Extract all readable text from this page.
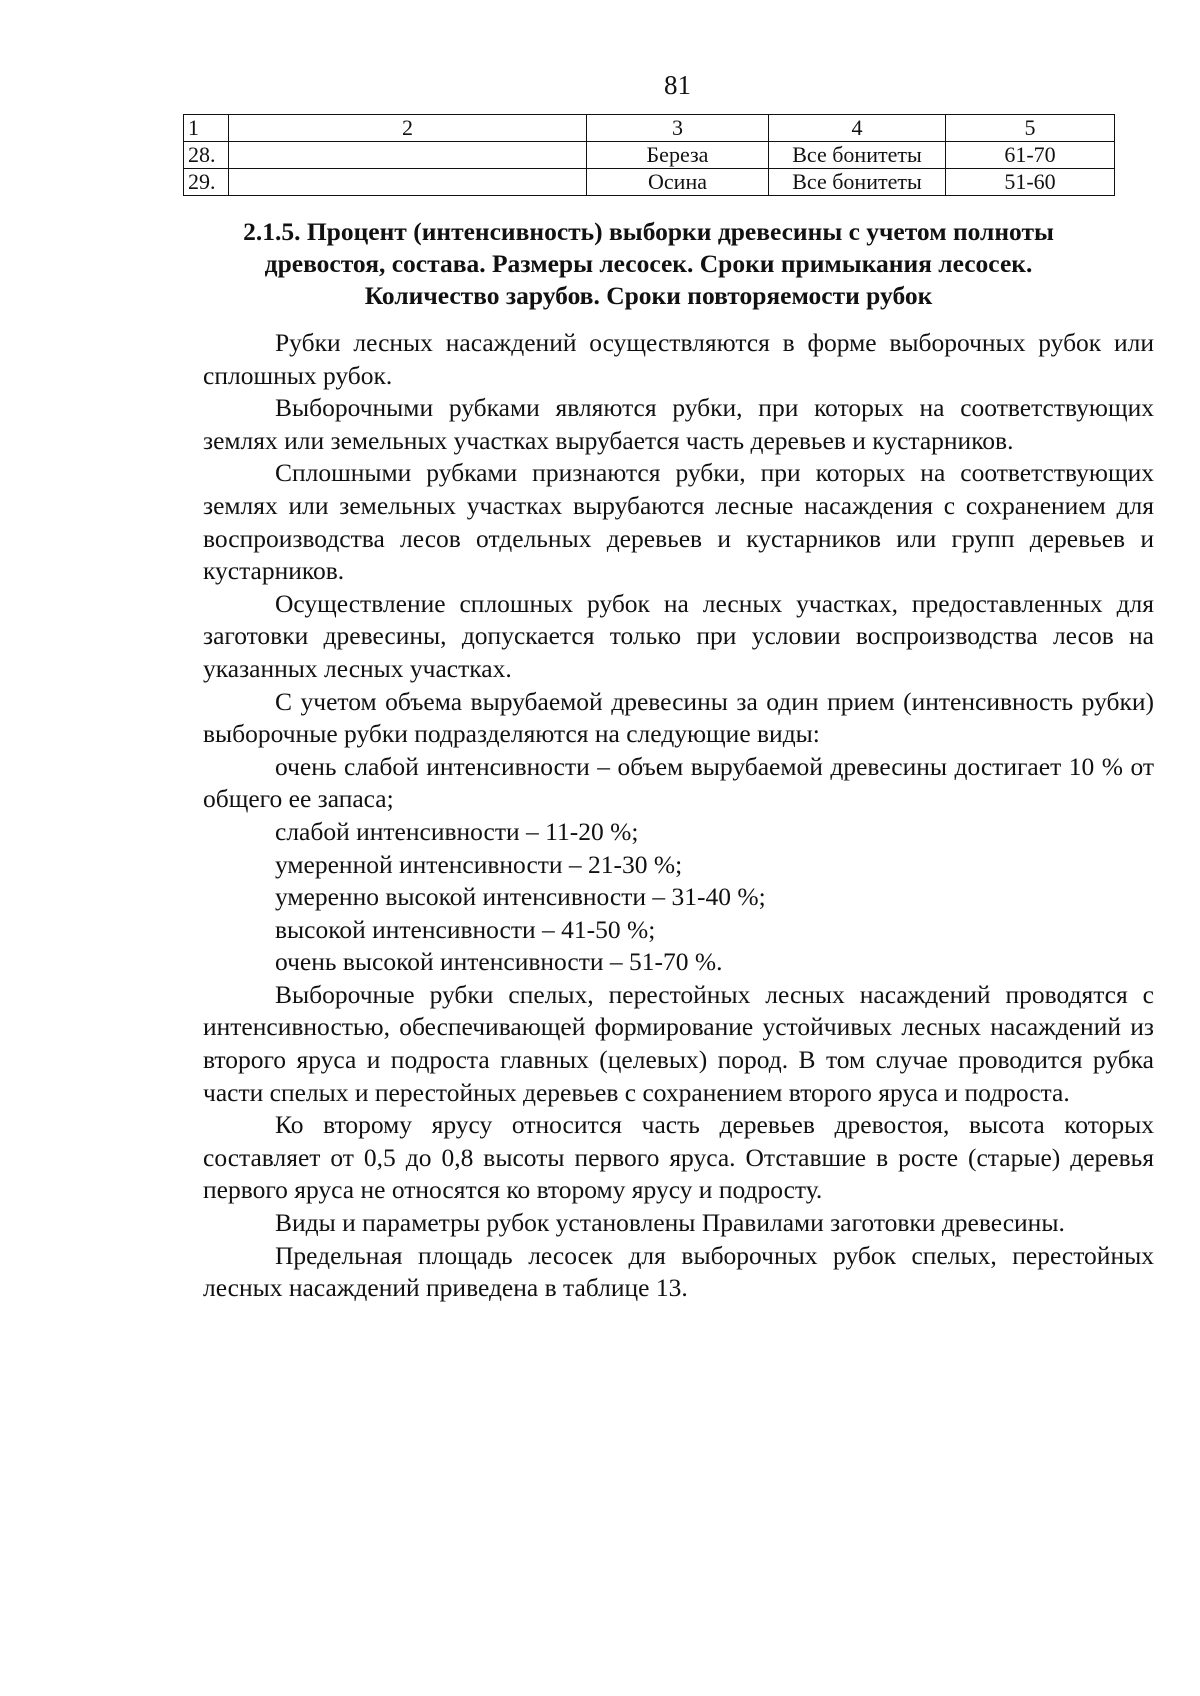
81
1	2	3	4	5
28.		Береза	Все бонитеты	61-70
29.		Осина	Все бонитеты	51-60
2.1.5. Процент (интенсивность) выборки древесины с учетом полноты
древостоя, состава. Размеры лесосек. Сроки примыкания лесосек.
Количество зарубов. Сроки повторяемости рубок

Рубки лесных насаждений осуществляются в форме выборочных рубок или сплошных рубок.

Выборочными рубками являются рубки, при которых на соответствующих землях или земельных участках вырубается часть деревьев и кустарников.

Сплошными рубками признаются рубки, при которых на соответствующих землях или земельных участках вырубаются лесные насаждения с сохранением для воспроизводства лесов отдельных деревьев и кустарников или групп деревьев и кустарников.

Осуществление сплошных рубок на лесных участках, предоставленных для заготовки древесины, допускается только при условии воспроизводства лесов на указанных лесных участках.

С учетом объема вырубаемой древесины за один прием (интенсивность рубки) выборочные рубки подразделяются на следующие виды:

очень слабой интенсивности – объем вырубаемой древесины достигает 10 % от общего ее запаса;

слабой интенсивности – 11-20 %;

умеренной интенсивности – 21-30 %;

умеренно высокой интенсивности – 31-40 %;

высокой интенсивности – 41-50 %;

очень высокой интенсивности – 51-70 %.

Выборочные рубки спелых, перестойных лесных насаждений проводятся с интенсивностью, обеспечивающей формирование устойчивых лесных насаждений из второго яруса и подроста главных (целевых) пород. В том случае проводится рубка части спелых и перестойных деревьев с сохранением второго яруса и подроста.

Ко второму ярусу относится часть деревьев древостоя, высота которых составляет от 0,5 до 0,8 высоты первого яруса. Отставшие в росте (старые) деревья первого яруса не относятся ко второму ярусу и подросту.

Виды и параметры рубок установлены Правилами заготовки древесины.

Предельная площадь лесосек для выборочных рубок спелых, перестойных лесных насаждений приведена в таблице 13.
